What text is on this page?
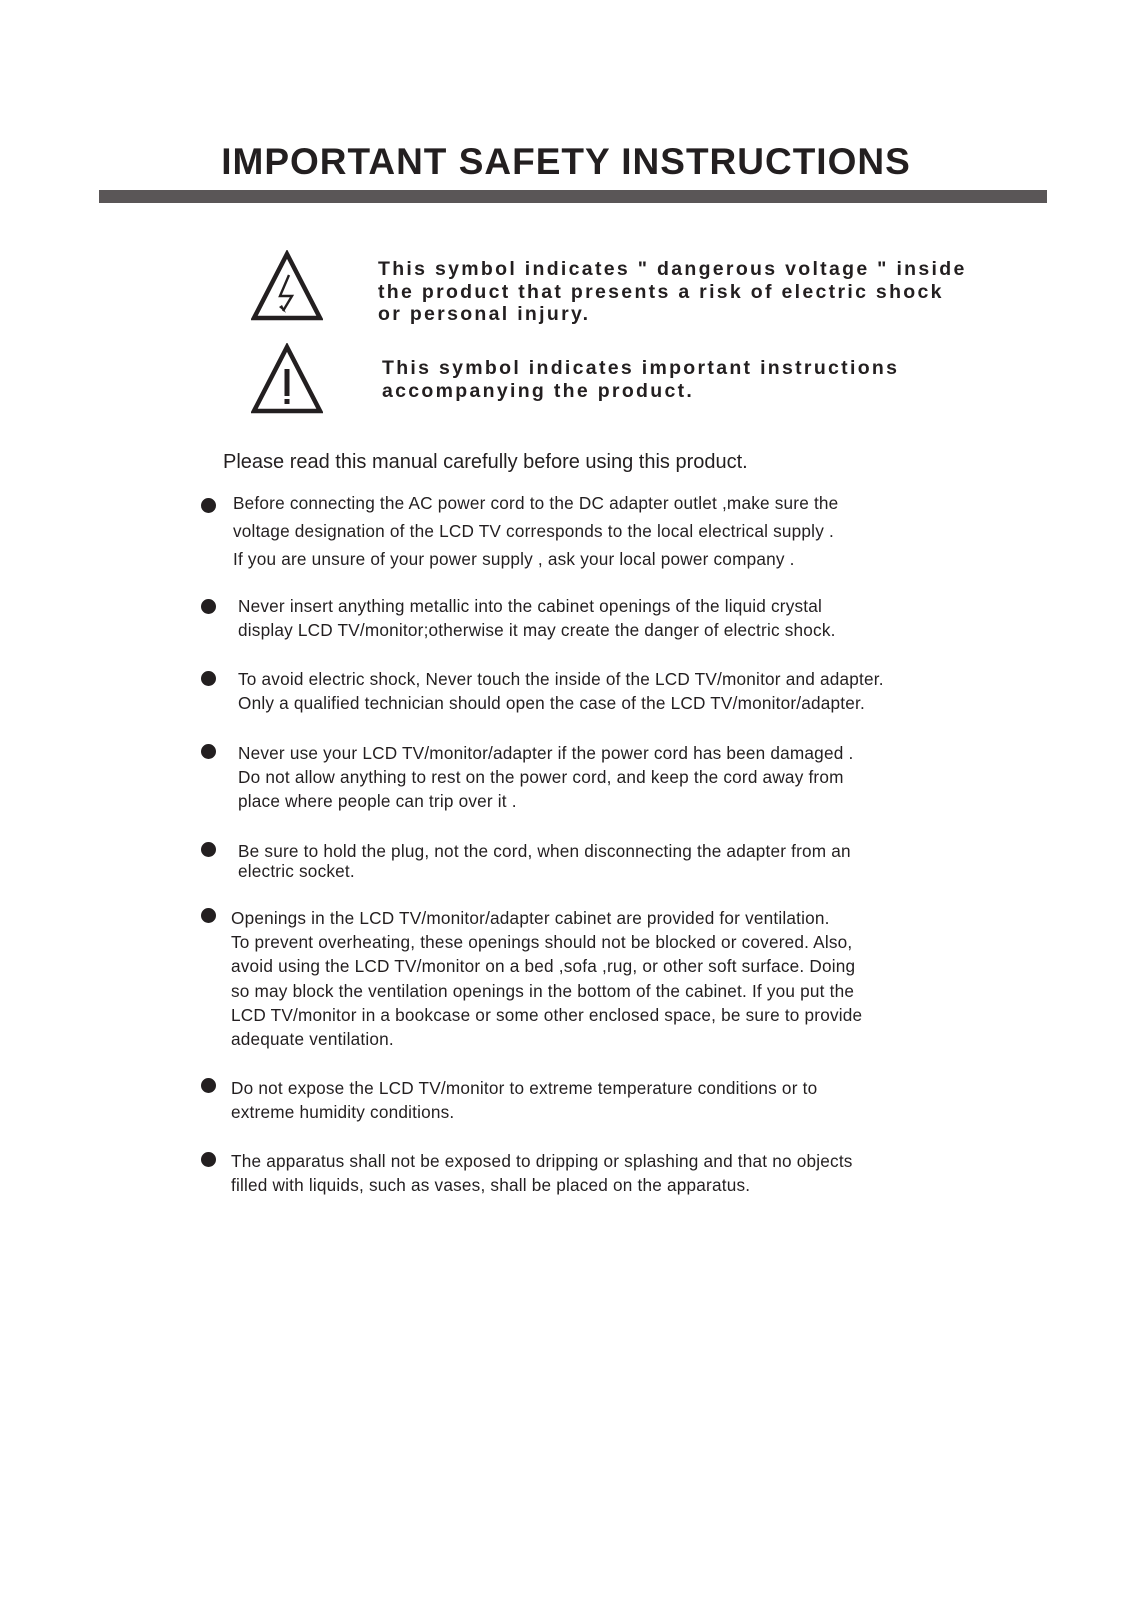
IMPORTANT SAFETY INSTRUCTIONS
This symbol indicates " dangerous voltage " inside
the product that presents a risk of electric shock
or personal injury.
This symbol indicates important instructions
accompanying the product.
Please read this manual carefully before using this product.
Before connecting the AC power cord to the DC adapter outlet ,make sure the
voltage designation of the LCD TV corresponds to the local electrical supply .
If you are unsure of your power supply , ask your local power company .
Never insert anything metallic into the cabinet openings of the liquid crystal
display LCD TV/monitor;otherwise it may create the danger of electric shock.
To avoid electric shock, Never touch the inside of the LCD TV/monitor and adapter.
Only a qualified technician should open the case of the LCD TV/monitor/adapter.
Never use your LCD TV/monitor/adapter if the power cord has been damaged .
Do not allow anything to rest on the power cord, and keep the cord away from
place where people can trip over it .
Be sure to hold the plug, not the cord, when disconnecting the adapter from an
electric socket.
Openings in the LCD TV/monitor/adapter cabinet are provided for ventilation.
To prevent overheating, these openings should not be blocked or covered. Also,
avoid using the LCD TV/monitor on a bed ,sofa ,rug, or other soft surface. Doing
so may block the ventilation openings in the bottom of the cabinet. If you put the
LCD TV/monitor in a bookcase or some other enclosed space, be sure to provide
adequate ventilation.
Do not expose the LCD TV/monitor to extreme temperature conditions or to
extreme humidity conditions.
The apparatus shall not be exposed to dripping or splashing and that no objects
filled with liquids, such as vases, shall be placed on the apparatus.
